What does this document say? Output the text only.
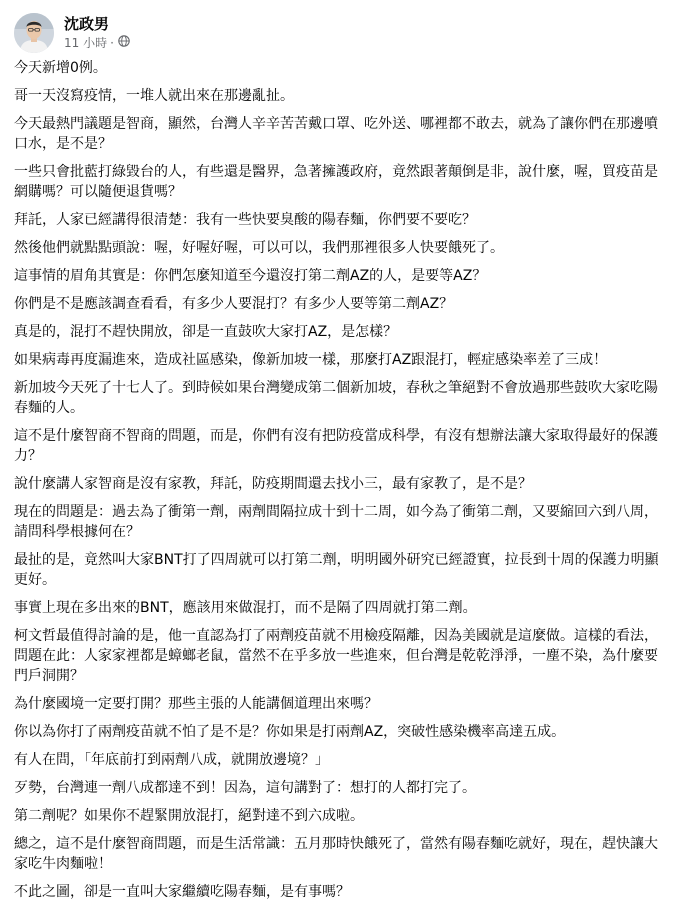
沈政男
11 小時 ·

今天新增0例。

哥一天沒寫疫情，一堆人就出來在那邊亂扯。

今天最熱門議題是智商，顯然，台灣人辛辛苦苦戴口罩、吃外送、哪裡都不敢去，就為了讓你們在那邊噴口水，是不是？

一些只會批藍打綠毀台的人，有些還是醫界，急著擁護政府，竟然跟著顛倒是非，說什麼，喔，買疫苗是網購嗎？可以隨便退貨嗎？

拜託，人家已經講得很清楚：我有一些快要臭酸的陽春麵，你們要不要吃？

然後他們就點點頭說：喔，好喔好喔，可以可以，我們那裡很多人快要餓死了。

這事情的眉角其實是：你們怎麼知道至今還沒打第二劑AZ的人，是要等AZ？

你們是不是應該調查看看，有多少人要混打？有多少人要等第二劑AZ？

真是的，混打不趕快開放，卻是一直鼓吹大家打AZ，是怎樣？

如果病毒再度漏進來，造成社區感染，像新加坡一樣，那麼打AZ跟混打，輕症感染率差了三成！

新加坡今天死了十七人了。到時候如果台灣變成第二個新加坡，春秋之筆絕對不會放過那些鼓吹大家吃陽春麵的人。

這不是什麼智商不智商的問題，而是，你們有沒有把防疫當成科學，有沒有想辦法讓大家取得最好的保護力？

說什麼講人家智商是沒有家教，拜託，防疫期間還去找小三，最有家教了，是不是？

現在的問題是：過去為了衝第一劑，兩劑間隔拉成十到十二周，如今為了衝第二劑，又要縮回六到八周，請問科學根據何在？

最扯的是，竟然叫大家BNT打了四周就可以打第二劑，明明國外研究已經證實，拉長到十周的保護力明顯更好。

事實上現在多出來的BNT，應該用來做混打，而不是隔了四周就打第二劑。

柯文哲最值得討論的是，他一直認為打了兩劑疫苗就不用檢疫隔離，因為美國就是這麼做。這樣的看法，問題在此：人家家裡都是蟑螂老鼠，當然不在乎多放一些進來，但台灣是乾乾淨淨，一塵不染，為什麼要門戶洞開？

為什麼國境一定要打開？那些主張的人能講個道理出來嗎？

你以為你打了兩劑疫苗就不怕了是不是？你如果是打兩劑AZ，突破性感染機率高達五成。

有人在問，「年底前打到兩劑八成，就開放邊境？」

歹勢，台灣連一劑八成都達不到！因為，這句講對了：想打的人都打完了。

第二劑呢？如果你不趕緊開放混打，絕對達不到六成啦。

總之，這不是什麼智商問題，而是生活常識：五月那時快餓死了，當然有陽春麵吃就好，現在，趕快讓大家吃牛肉麵啦！

不此之圖，卻是一直叫大家繼續吃陽春麵，是有事嗎？
